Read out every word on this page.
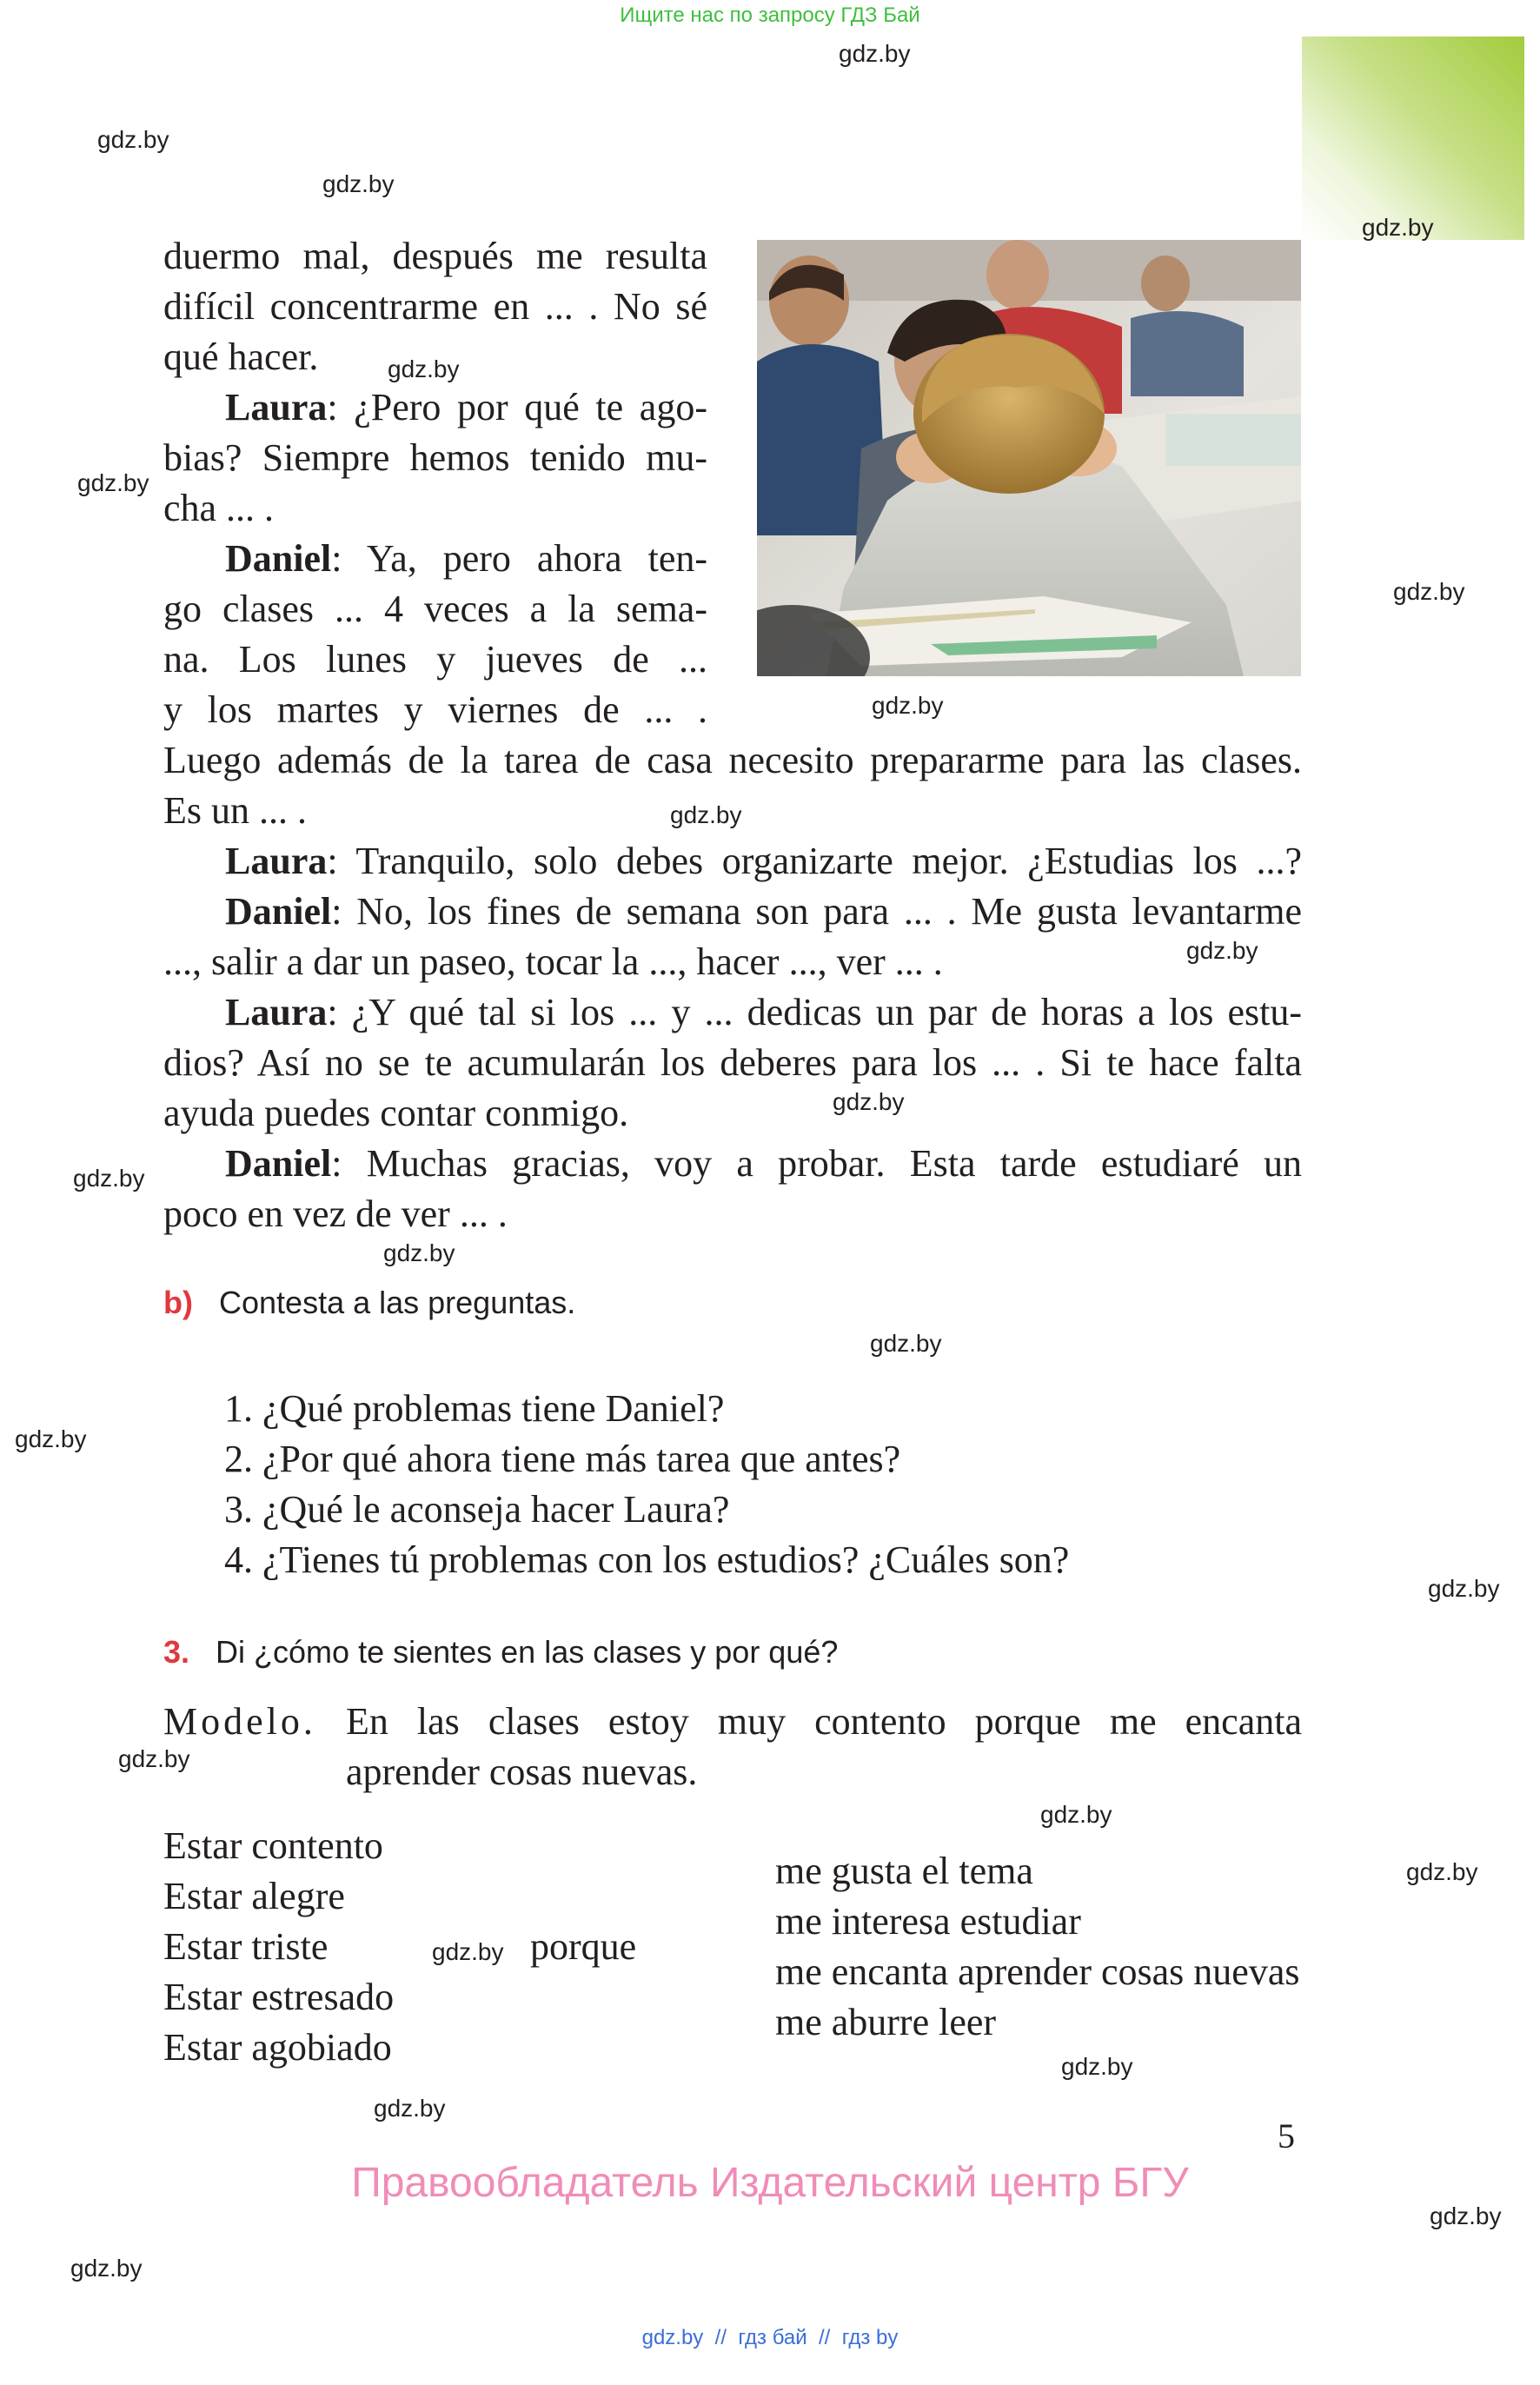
Ищите нас по запросу ГДЗ Бай
gdz.by
gdz.by
gdz.by
gdz.by
gdz.by
gdz.by
gdz.by
gdz.by
gdz.by
gdz.by
gdz.by
gdz.by
gdz.by
gdz.by
gdz.by
gdz.by
gdz.by
gdz.by
gdz.by
gdz.by
gdz.by
gdz.by
gdz.by
gdz.by
duermo mal, después me resulta
difícil concentrarme en ... . No sé
qué hacer.
Laura: ¿Pero por qué te ago-
bias? Siempre hemos tenido mu-
cha ... .
Daniel: Ya, pero ahora ten-
go clases ... 4 veces a la sema-
na. Los lunes y jueves de ...
y los martes y viernes de ... .
Luego además de la tarea de casa necesito prepararme para las clases.
Es un ... .
Laura: Tranquilo, solo debes organizarte mejor. ¿Estudias los ...?
Daniel: No, los fines de semana son para ... . Me gusta levantarme
..., salir a dar un paseo, tocar la ..., hacer ..., ver ... .
Laura: ¿Y qué tal si los ... y ... dedicas un par de horas a los estu-
dios? Así no se te acumularán los deberes para los ... . Si te hace falta
ayuda puedes contar conmigo.
Daniel: Muchas gracias, voy a probar. Esta tarde estudiaré un
poco en vez de ver ... .
b) Contesta a las preguntas.
1. ¿Qué problemas tiene Daniel?
2. ¿Por qué ahora tiene más tarea que antes?
3. ¿Qué le aconseja hacer Laura?
4. ¿Tienes tú problemas con los estudios? ¿Cuáles son?
3. Di ¿cómo te sientes en las clases y por qué?
Modelo. En las clases estoy muy contento porque me encanta
aprender cosas nuevas.
Estar contento
Estar alegre
Estar triste
Estar estresado
Estar agobiado
porque
me gusta el tema
me interesa estudiar
me encanta aprender cosas nuevas
me aburre leer
5
Правообладатель Издательский центр БГУ
gdz.by // гдз бай // гдз by
